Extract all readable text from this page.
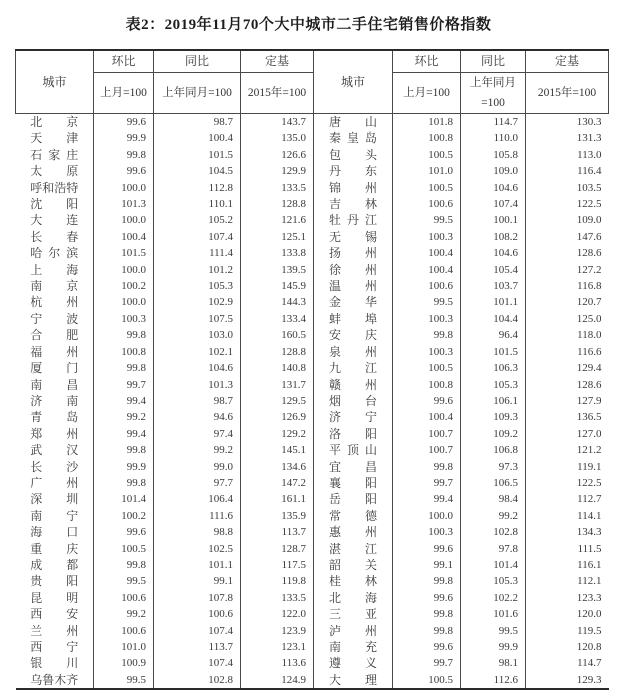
表2：2019年11月70个大中城市二手住宅销售价格指数
城市	环比	同比	定基	城市	环比	同比	定基
	上月=100	上年同月=100	2015年=100		上月=100	上年同月=100	2015年=100
北京	99.6	98.7	143.7	唐山	101.8	114.7	130.3
天津	99.9	100.4	135.0	秦皇岛	100.8	110.0	131.3
石家庄	99.8	101.5	126.6	包头	100.5	105.8	113.0
太原	99.6	104.5	129.9	丹东	101.0	109.0	116.4
呼和浩特	100.0	112.8	133.5	锦州	100.5	104.6	103.5
沈阳	101.3	110.1	128.8	吉林	100.6	107.4	122.5
大连	100.0	105.2	121.6	牡丹江	99.5	100.1	109.0
长春	100.4	107.4	125.1	无锡	100.3	108.2	147.6
哈尔滨	101.5	111.4	133.8	扬州	100.4	104.6	128.6
上海	100.0	101.2	139.5	徐州	100.4	105.4	127.2
南京	100.2	105.3	145.9	温州	100.6	103.7	116.8
杭州	100.0	102.9	144.3	金华	99.5	101.1	120.7
宁波	100.3	107.5	133.4	蚌埠	100.3	104.4	125.0
合肥	99.8	103.0	160.5	安庆	99.8	96.4	118.0
福州	100.8	102.1	128.8	泉州	100.3	101.5	116.6
厦门	99.8	104.6	140.8	九江	100.5	106.3	129.4
南昌	99.7	101.3	131.7	赣州	100.8	105.3	128.6
济南	99.4	98.7	129.5	烟台	99.6	106.1	127.9
青岛	99.2	94.6	126.9	济宁	100.4	109.3	136.5
郑州	99.4	97.4	129.2	洛阳	100.7	109.2	127.0
武汉	99.8	99.2	145.1	平顶山	100.7	106.8	121.2
长沙	99.9	99.0	134.6	宜昌	99.8	97.3	119.1
广州	99.8	97.7	147.2	襄阳	99.7	106.5	122.5
深圳	101.4	106.4	161.1	岳阳	99.4	98.4	112.7
南宁	100.2	111.6	135.9	常德	100.0	99.2	114.1
海口	99.6	98.8	113.7	惠州	100.3	102.8	134.3
重庆	100.5	102.5	128.7	湛江	99.6	97.8	111.5
成都	99.8	101.1	117.5	韶关	99.1	101.4	116.1
贵阳	99.5	99.1	119.8	桂林	99.8	105.3	112.1
昆明	100.6	107.8	133.5	北海	99.6	102.2	123.3
西安	99.2	100.6	122.0	三亚	99.8	101.6	120.0
兰州	100.6	107.4	123.9	泸州	99.8	99.5	119.5
西宁	101.0	113.7	123.1	南充	99.6	99.9	120.8
银川	100.9	107.4	113.6	遵义	99.7	98.1	114.7
乌鲁木齐	99.5	102.8	124.9	大理	100.5	112.6	129.3
